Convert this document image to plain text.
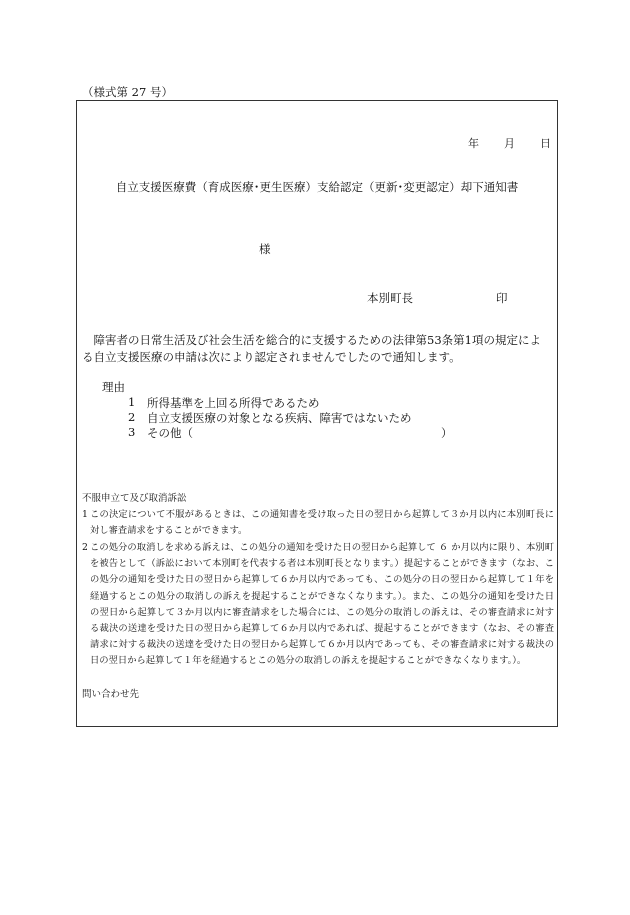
（様式第 27 号）
年 月 日
自立支援医療費（育成医療･更生医療）支給認定（更新･変更認定）却下通知書
様
本別町長	印

障害者の日常生活及び社会生活を総合的に支援するための法律第53条第1項の規定による自立支援医療の申請は次により認定されませんでしたので通知します。

理由
1 所得基準を上回る所得であるため
2 自立支援医療の対象となる疾病、障害ではないため
3 その他（	）
不服申立て及び取消訴訟
1 この決定について不服があるときは、この通知書を受け取った日の翌日から起算して３か月以内に本別町長に対し審査請求をすることができます。
2 この処分の取消しを求める訴えは、この処分の通知を受けた日の翌日から起算して ６ か月以内に限り、本別町を被告として（訴訟において本別町を代表する者は本別町長となります。）提起することができます（なお、この処分の通知を受けた日の翌日から起算して６か月以内であっても、この処分の日の翌日から起算して１年を経過するとこの処分の取消しの訴えを提起することができなくなります。）。また、この処分の通知を受けた日の翌日から起算して３か月以内に審査請求をした場合には、この処分の取消しの訴えは、その審査請求に対する裁決の送達を受けた日の翌日から起算して６か月以内であれば、提起することができます（なお、その審査請求に対する裁決の送達を受けた日の翌日から起算して６か月以内であっても、その審査請求に対する裁決の日の翌日から起算して１年を経過するとこの処分の取消しの訴えを提起することができなくなります。）。
問い合わせ先
